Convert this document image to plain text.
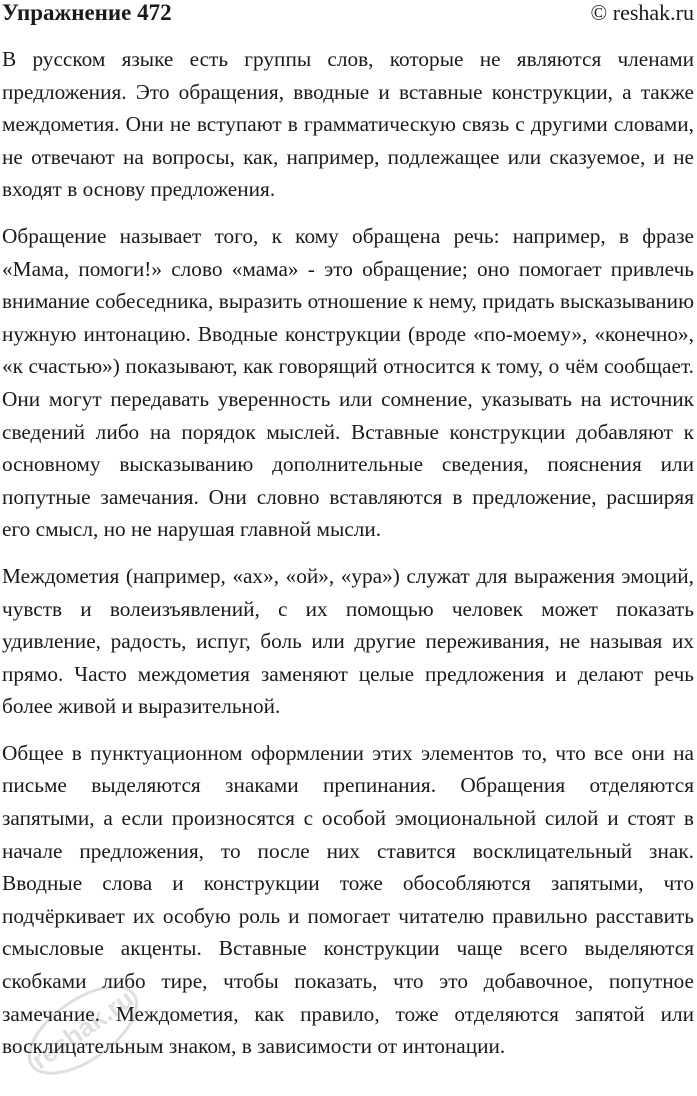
Упражнение 472	© reshak.ru

В русском языке есть группы слов, которые не являются членами предложения. Это обращения, вводные и вставные конструкции, а также междометия. Они не вступают в грамматическую связь с другими словами, не отвечают на вопросы, как, например, подлежащее или сказуемое, и не входят в основу предложения.

Обращение называет того, к кому обращена речь: например, в фразе «Мама, помоги!» слово «мама» - это обращение; оно помогает привлечь внимание собеседника, выразить отношение к нему, придать высказыванию нужную интонацию. Вводные конструкции (вроде «по-моему», «конечно», «к счастью») показывают, как говорящий относится к тому, о чём сообщает. Они могут передавать уверенность или сомнение, указывать на источник сведений либо на порядок мыслей. Вставные конструкции добавляют к основному высказыванию дополнительные сведения, пояснения или попутные замечания. Они словно вставляются в предложение, расширяя его смысл, но не нарушая главной мысли.

Междометия (например, «ах», «ой», «ура») служат для выражения эмоций, чувств и волеизъявлений, с их помощью человек может показать удивление, радость, испуг, боль или другие переживания, не называя их прямо. Часто междометия заменяют целые предложения и делают речь более живой и выразительной.

Общее в пунктуационном оформлении этих элементов то, что все они на письме выделяются знаками препинания. Обращения отделяются запятыми, а если произносятся с особой эмоциональной силой и стоят в начале предложения, то после них ставится восклицательный знак. Вводные слова и конструкции тоже обособляются запятыми, что подчёркивает их особую роль и помогает читателю правильно расставить смысловые акценты. Вставные конструкции чаще всего выделяются скобками либо тире, чтобы показать, что это добавочное, попутное замечание. Междометия, как правило, тоже отделяются запятой или восклицательным знаком, в зависимости от интонации.

reshak.ru
